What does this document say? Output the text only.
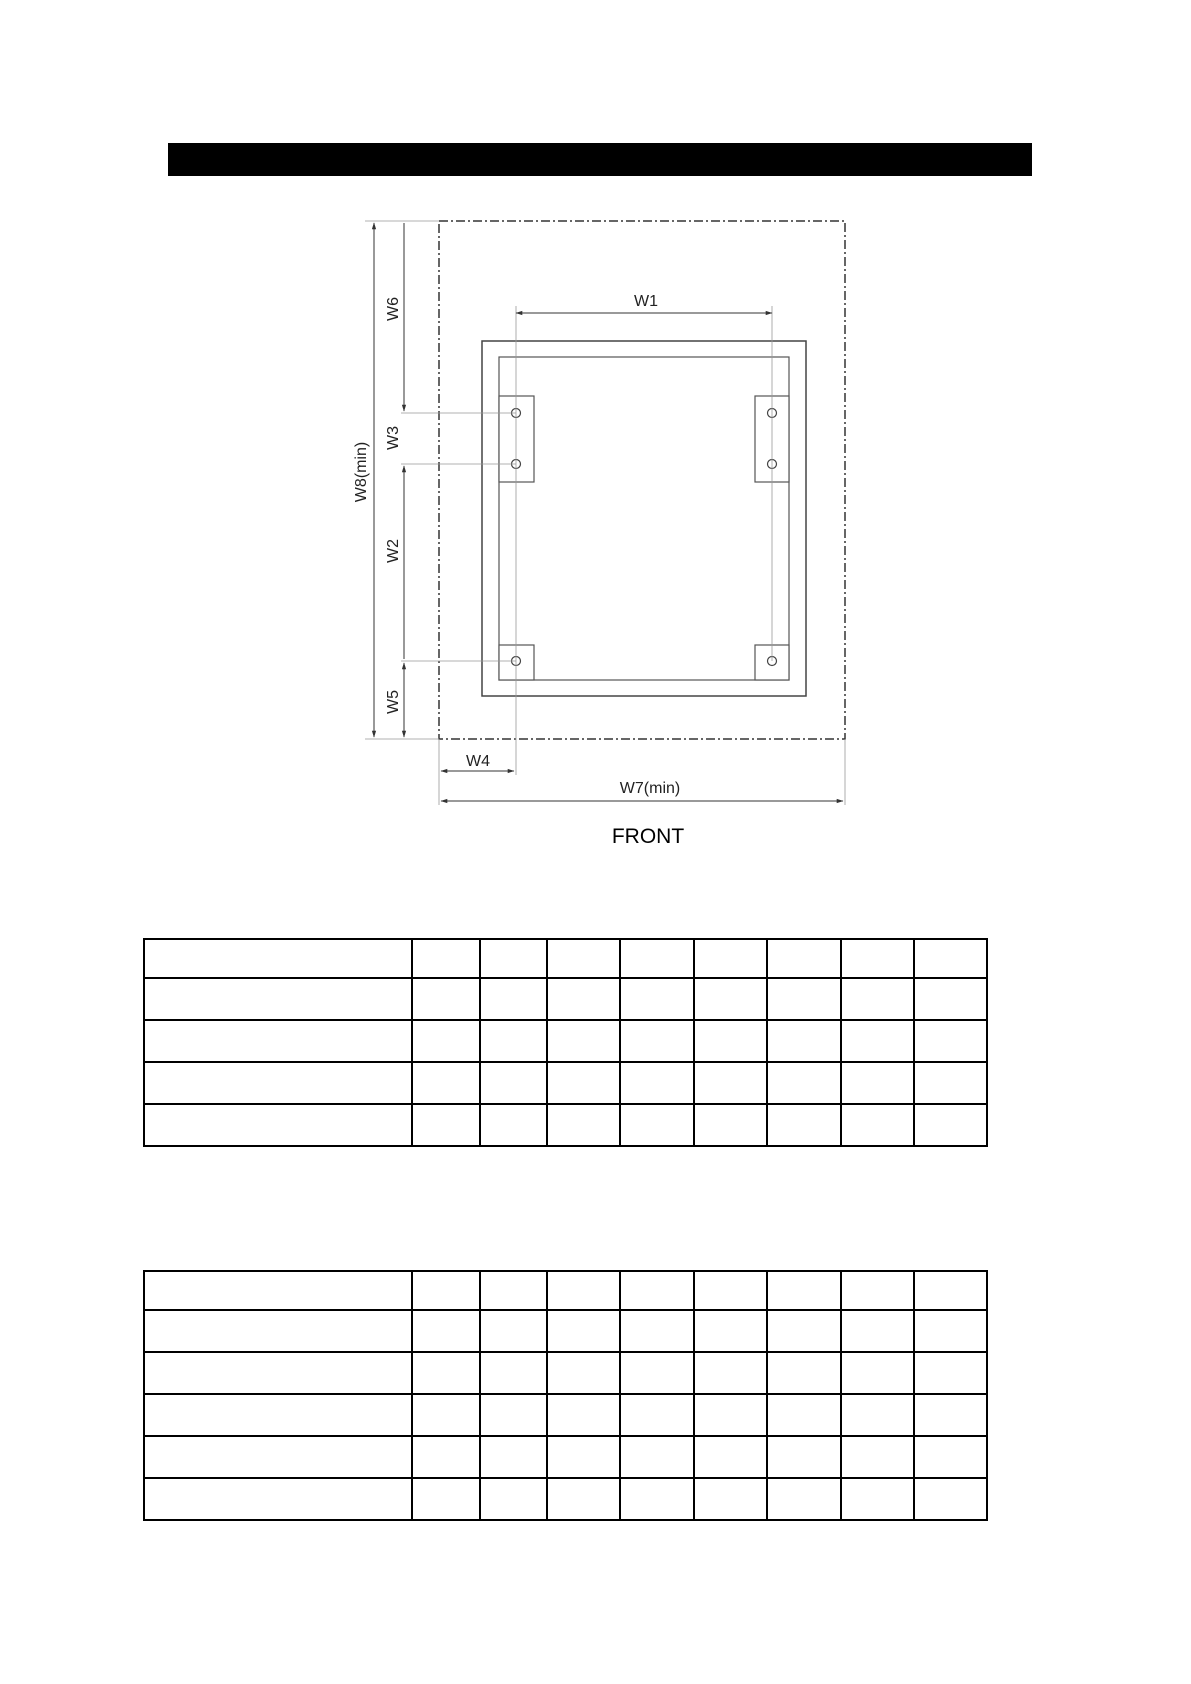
W1
W6
W3
W8(min)
W2
W5
W4
W7(min)
FRONT
